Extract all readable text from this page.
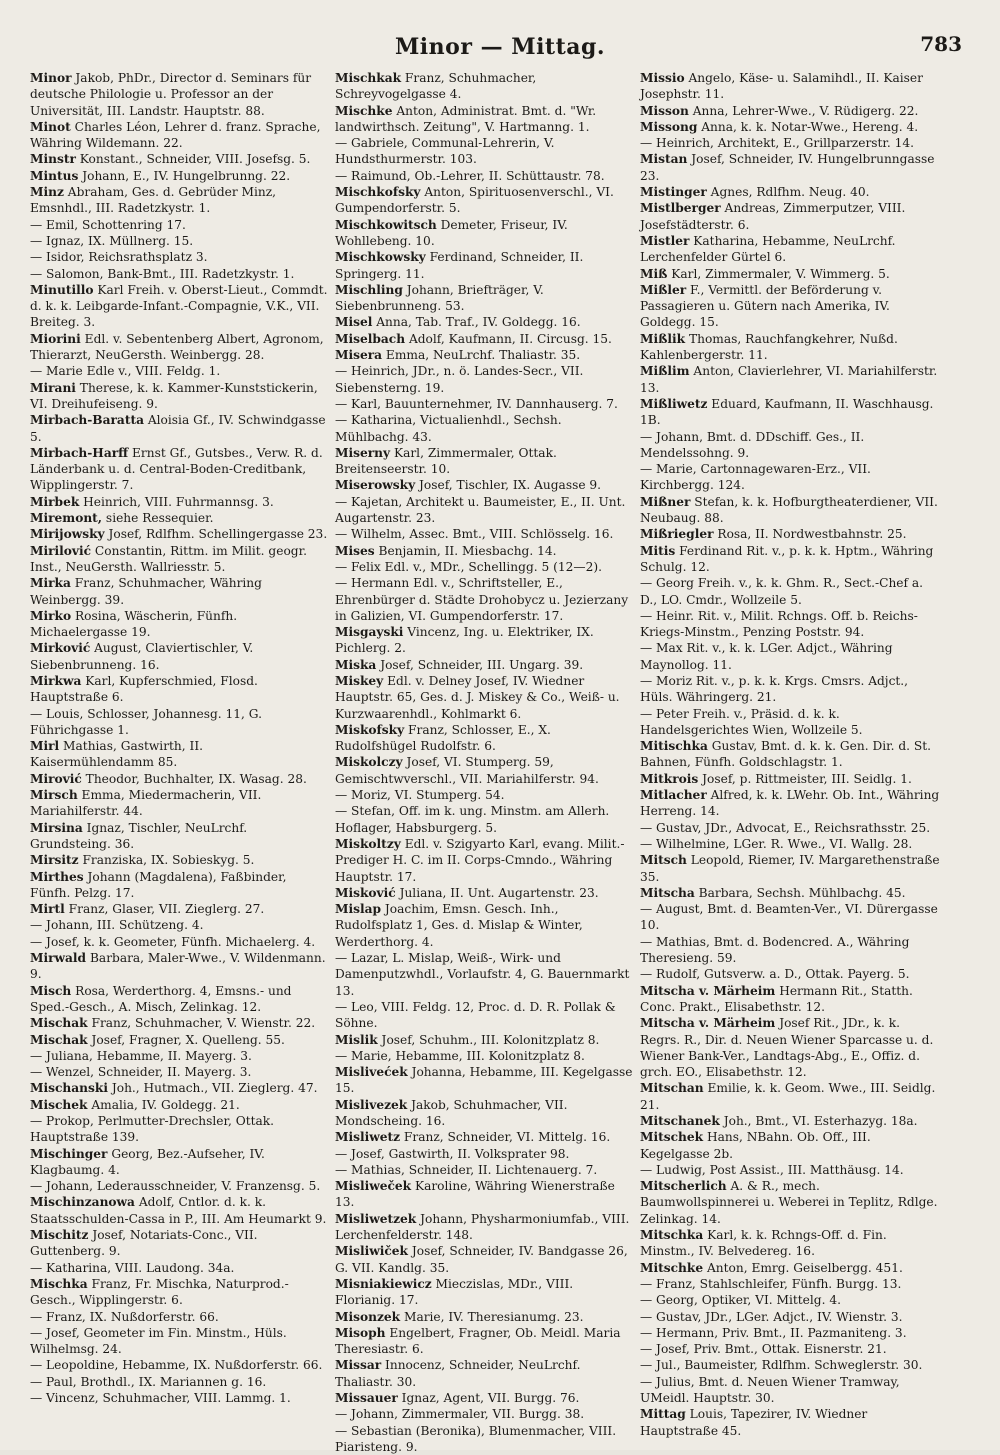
Minor — Mittag.	783

Minor Jakob, PhDr., Director d. Seminars für deutsche Philologie u. Professor an der Universität, III. Landstr. Hauptstr. 88.

Minot Charles Léon, Lehrer d. franz. Sprache, Währing Wildemann. 22.

Minstr Konstant., Schneider, VIII. Josefsg. 5.

Mintus Johann, E., IV. Hungelbrunng. 22.

Minz Abraham, Ges. d. Gebrüder Minz, Emsnhdl., III. Radetzkystr. 1.

— Emil, Schottenring 17.

— Ignaz, IX. Müllnerg. 15.

— Isidor, Reichsrathsplatz 3.

— Salomon, Bank-Bmt., III. Radetzkystr. 1.

Minutillo Karl Freih. v. Oberst-Lieut., Commdt. d. k. k. Leibgarde-Infant.-Compagnie, V.K., VII. Breiteg. 3.

Miorini Edl. v. Sebentenberg Albert, Agronom, Thierarzt, NeuGersth. Weinbergg. 28.

— Marie Edle v., VIII. Feldg. 1.

Mirani Therese, k. k. Kammer-Kunststickerin, VI. Dreihufeiseng. 9.

Mirbach-Baratta Aloisia Gf., IV. Schwindgasse 5.

Mirbach-Harff Ernst Gf., Gutsbes., Verw. R. d. Länderbank u. d. Central-Boden-Creditbank, Wipplingerstr. 7.

Mirbek Heinrich, VIII. Fuhrmannsg. 3.

Miremont, siehe Ressequier.

Mirijowsky Josef, Rdlfhm. Schellingergasse 23.

Mirilović Constantin, Rittm. im Milit. geogr. Inst., NeuGersth. Wallriesstr. 5.

Mirka Franz, Schuhmacher, Währing Weinbergg. 39.

Mirko Rosina, Wäscherin, Fünfh. Michaelergasse 19.

Mirković August, Claviertischler, V. Siebenbrunneng. 16.

Mirkwa Karl, Kupferschmied, Flosd. Hauptstraße 6.

— Louis, Schlosser, Johannesg. 11, G. Führichgasse 1.

Mirl Mathias, Gastwirth, II. Kaisermühlendamm 85.

Mirović Theodor, Buchhalter, IX. Wasag. 28.

Mirsch Emma, Miedermacherin, VII. Mariahilferstr. 44.

Mirsina Ignaz, Tischler, NeuLrchf. Grundsteing. 36.

Mirsitz Franziska, IX. Sobieskyg. 5.

Mirthes Johann (Magdalena), Faßbinder, Fünfh. Pelzg. 17.

Mirtl Franz, Glaser, VII. Zieglerg. 27.

— Johann, III. Schützeng. 4.

— Josef, k. k. Geometer, Fünfh. Michaelerg. 4.

Mirwald Barbara, Maler-Wwe., V. Wildenmann. 9.

Misch Rosa, Werderthorg. 4, Emsns.- und Sped.-Gesch., A. Misch, Zelinkag. 12.

Mischak Franz, Schuhmacher, V. Wienstr. 22.

Mischak Josef, Fragner, X. Quelleng. 55.

— Juliana, Hebamme, II. Mayerg. 3.

— Wenzel, Schneider, II. Mayerg. 3.

Mischanski Joh., Hutmach., VII. Zieglerg. 47.

Mischek Amalia, IV. Goldegg. 21.

— Prokop, Perlmutter-Drechsler, Ottak. Hauptstraße 139.

Mischinger Georg, Bez.-Aufseher, IV. Klagbaumg. 4.

— Johann, Lederausschneider, V. Franzensg. 5.

Mischinzanowa Adolf, Cntlor. d. k. k. Staatsschulden-Cassa in P., III. Am Heumarkt 9.

Mischitz Josef, Notariats-Conc., VII. Guttenberg. 9.

— Katharina, VIII. Laudong. 34a.

Mischka Franz, Fr. Mischka, Naturprod.-Gesch., Wipplingerstr. 6.

— Franz, IX. Nußdorferstr. 66.

— Josef, Geometer im Fin. Minstm., Hüls. Wilhelmsg. 24.

— Leopoldine, Hebamme, IX. Nußdorferstr. 66.

— Paul, Brothdl., IX. Mariannen g. 16.

— Vincenz, Schuhmacher, VIII. Lammg. 1.

Mischkak Franz, Schuhmacher, Schreyvogelgasse 4.

Mischke Anton, Administrat. Bmt. d. "Wr. landwirthsch. Zeitung", V. Hartmanng. 1.

— Gabriele, Communal-Lehrerin, V. Hundsthurmerstr. 103.

— Raimund, Ob.-Lehrer, II. Schüttaustr. 78.

Mischkofsky Anton, Spirituosenverschl., VI. Gumpendorferstr. 5.

Mischkowitsch Demeter, Friseur, IV. Wohllebeng. 10.

Mischkowsky Ferdinand, Schneider, II. Springerg. 11.

Mischling Johann, Briefträger, V. Siebenbrunneng. 53.

Misel Anna, Tab. Traf., IV. Goldegg. 16.

Miselbach Adolf, Kaufmann, II. Circusg. 15.

Misera Emma, NeuLrchf. Thaliastr. 35.

— Heinrich, JDr., n. ö. Landes-Secr., VII. Siebensterng. 19.

— Karl, Bauunternehmer, IV. Dannhauserg. 7.

— Katharina, Victualienhdl., Sechsh. Mühlbachg. 43.

Miserny Karl, Zimmermaler, Ottak. Breitenseerstr. 10.

Miserowsky Josef, Tischler, IX. Augasse 9.

— Kajetan, Architekt u. Baumeister, E., II. Unt. Augartenstr. 23.

— Wilhelm, Assec. Bmt., VIII. Schlösselg. 16.

Mises Benjamin, II. Miesbachg. 14.

— Felix Edl. v., MDr., Schellingg. 5 (12—2).

— Hermann Edl. v., Schriftsteller, E., Ehrenbürger d. Städte Drohobycz u. Jezierzany in Galizien, VI. Gumpendorferstr. 17.

Misgayski Vincenz, Ing. u. Elektriker, IX. Pichlerg. 2.

Miska Josef, Schneider, III. Ungarg. 39.

Miskey Edl. v. Delney Josef, IV. Wiedner Hauptstr. 65, Ges. d. J. Miskey & Co., Weiß- u. Kurzwaarenhdl., Kohlmarkt 6.

Miskofsky Franz, Schlosser, E., X. Rudolfshügel Rudolfstr. 6.

Miskolczy Josef, VI. Stumperg. 59, Gemischtwverschl., VII. Mariahilferstr. 94.

— Moriz, VI. Stumperg. 54.

— Stefan, Off. im k. ung. Minstm. am Allerh. Hoflager, Habsburgerg. 5.

Miskoltzy Edl. v. Szigyarto Karl, evang. Milit.-Prediger H. C. im II. Corps-Cmndo., Währing Hauptstr. 17.

Misković Juliana, II. Unt. Augartenstr. 23.

Mislap Joachim, Emsn. Gesch. Inh., Rudolfsplatz 1, Ges. d. Mislap & Winter, Werderthorg. 4.

— Lazar, L. Mislap, Weiß-, Wirk- und Damenputzwhdl., Vorlaufstr. 4, G. Bauernmarkt 13.

— Leo, VIII. Feldg. 12, Proc. d. D. R. Pollak & Söhne.

Mislik Josef, Schuhm., III. Kolonitzplatz 8.

— Marie, Hebamme, III. Kolonitzplatz 8.

Mislivećek Johanna, Hebamme, III. Kegelgasse 15.

Mislivezek Jakob, Schuhmacher, VII. Mondscheing. 16.

Misliwetz Franz, Schneider, VI. Mittelg. 16.

— Josef, Gastwirth, II. Volksprater 98.

— Mathias, Schneider, II. Lichtenauerg. 7.

Misliweček Karoline, Währing Wienerstraße 13.

Misliwetzek Johann, Physharmoniumfab., VIII. Lerchenfelderstr. 148.

Misliwiček Josef, Schneider, IV. Bandgasse 26, G. VII. Kandlg. 35.

Misniakiewicz Mieczislas, MDr., VIII. Florianig. 17.

Misonzek Marie, IV. Theresianumg. 23.

Misoph Engelbert, Fragner, Ob. Meidl. Maria Theresiastr. 6.

Missar Innocenz, Schneider, NeuLrchf. Thaliastr. 30.

Missauer Ignaz, Agent, VII. Burgg. 76.

— Johann, Zimmermaler, VII. Burgg. 38.

— Sebastian (Beronika), Blumenmacher, VIII. Piaristeng. 9.

Missio Angelo, Käse- u. Salamihdl., II. Kaiser Josephstr. 11.

Misson Anna, Lehrer-Wwe., V. Rüdigerg. 22.

Missong Anna, k. k. Notar-Wwe., Hereng. 4.

— Heinrich, Architekt, E., Grillparzerstr. 14.

Mistan Josef, Schneider, IV. Hungelbrunngasse 23.

Mistinger Agnes, Rdlfhm. Neug. 40.

Mistlberger Andreas, Zimmerputzer, VIII. Josefstädterstr. 6.

Mistler Katharina, Hebamme, NeuLrchf. Lerchenfelder Gürtel 6.

Miß Karl, Zimmermaler, V. Wimmerg. 5.

Mißler F., Vermittl. der Beförderung v. Passagieren u. Gütern nach Amerika, IV. Goldegg. 15.

Mißlik Thomas, Rauchfangkehrer, Nußd. Kahlenbergerstr. 11.

Mißlim Anton, Clavierlehrer, VI. Mariahilferstr. 13.

Mißliwetz Eduard, Kaufmann, II. Waschhausg. 1B.

— Johann, Bmt. d. DDschiff. Ges., II. Mendelssohng. 9.

— Marie, Cartonnagewaren-Erz., VII. Kirchbergg. 124.

Mißner Stefan, k. k. Hofburgtheaterdiener, VII. Neubaug. 88.

Mißriegler Rosa, II. Nordwestbahnstr. 25.

Mitis Ferdinand Rit. v., p. k. k. Hptm., Währing Schulg. 12.

— Georg Freih. v., k. k. Ghm. R., Sect.-Chef a. D., LO. Cmdr., Wollzeile 5.

— Heinr. Rit. v., Milit. Rchngs. Off. b. Reichs-Kriegs-Minstm., Penzing Poststr. 94.

— Max Rit. v., k. k. LGer. Adjct., Währing Maynollog. 11.

— Moriz Rit. v., p. k. k. Krgs. Cmsrs. Adjct., Hüls. Währingerg. 21.

— Peter Freih. v., Präsid. d. k. k. Handelsgerichtes Wien, Wollzeile 5.

Mitischka Gustav, Bmt. d. k. k. Gen. Dir. d. St. Bahnen, Fünfh. Goldschlagstr. 1.

Mitkrois Josef, p. Rittmeister, III. Seidlg. 1.

Mitlacher Alfred, k. k. LWehr. Ob. Int., Währing Herreng. 14.

— Gustav, JDr., Advocat, E., Reichsrathsstr. 25.

— Wilhelmine, LGer. R. Wwe., VI. Wallg. 28.

Mitsch Leopold, Riemer, IV. Margarethenstraße 35.

Mitscha Barbara, Sechsh. Mühlbachg. 45.

— August, Bmt. d. Beamten-Ver., VI. Dürergasse 10.

— Mathias, Bmt. d. Bodencred. A., Währing Theresieng. 59.

— Rudolf, Gutsverw. a. D., Ottak. Payerg. 5.

Mitscha v. Märheim Hermann Rit., Statth. Conc. Prakt., Elisabethstr. 12.

Mitscha v. Märheim Josef Rit., JDr., k. k. Regrs. R., Dir. d. Neuen Wiener Sparcasse u. d. Wiener Bank-Ver., Landtags-Abg., E., Offiz. d. grch. EO., Elisabethstr. 12.

Mitschan Emilie, k. k. Geom. Wwe., III. Seidlg. 21.

Mitschanek Joh., Bmt., VI. Esterhazyg. 18a.

Mitschek Hans, NBahn. Ob. Off., III. Kegelgasse 2b.

— Ludwig, Post Assist., III. Matthäusg. 14.

Mitscherlich A. & R., mech. Baumwollspinnerei u. Weberei in Teplitz, Rdlge. Zelinkag. 14.

Mitschka Karl, k. k. Rchngs-Off. d. Fin. Minstm., IV. Belvedereg. 16.

Mitschke Anton, Emrg. Geiselbergg. 451.

— Franz, Stahlschleifer, Fünfh. Burgg. 13.

— Georg, Optiker, VI. Mittelg. 4.

— Gustav, JDr., LGer. Adjct., IV. Wienstr. 3.

— Hermann, Priv. Bmt., II. Pazmaniteng. 3.

— Josef, Priv. Bmt., Ottak. Eisnerstr. 21.

— Jul., Baumeister, Rdlfhm. Schweglerstr. 30.

— Julius, Bmt. d. Neuen Wiener Tramway, UMeidl. Hauptstr. 30.

Mittag Louis, Tapezirer, IV. Wiedner Hauptstraße 45.
